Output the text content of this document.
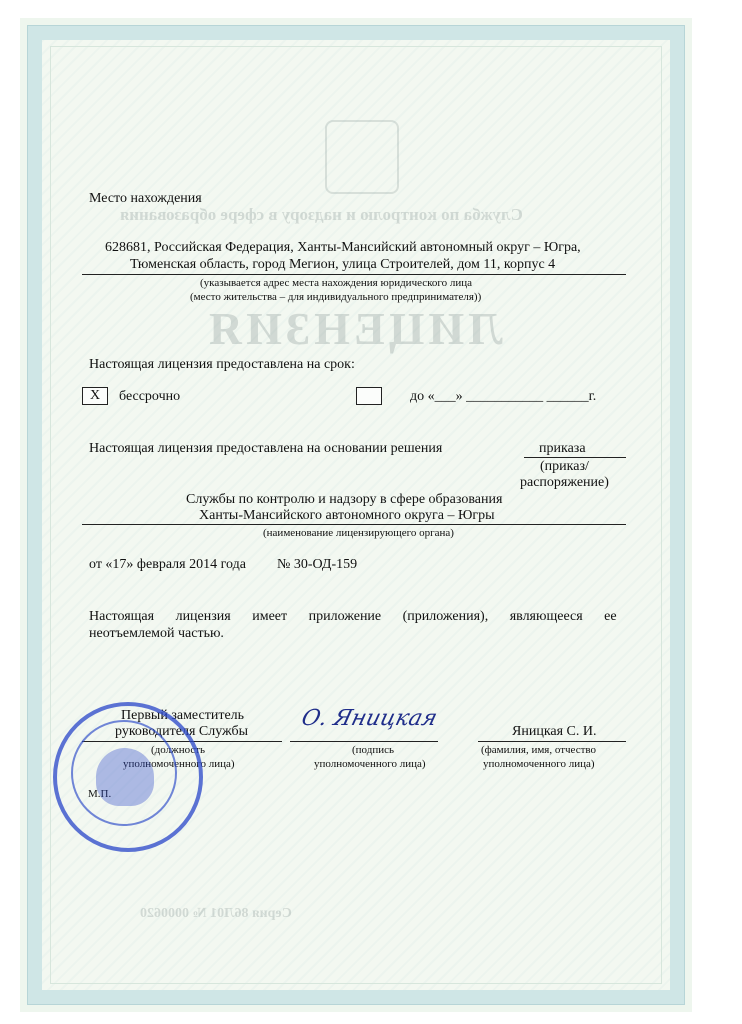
Служба по контролю и надзору в сфере образования
ЛИЦЕНЗИЯ
Место нахождения
628681, Российская Федерация, Ханты-Мансийский автономный округ – Югра,
Тюменская область, город Мегион, улица Строителей, дом 11, корпус 4
(указывается адрес места нахождения юридического лица
(место жительства – для индивидуального предпринимателя))
Настоящая лицензия предоставлена на срок:
Х	бессрочно	до «___» ___________ ______г.
Настоящая лицензия предоставлена на основании решения	приказа
(приказ/
распоряжение)
Службы по контролю и надзору в сфере образования
Ханты-Мансийского автономного округа – Югры
(наименование лицензирующего органа)
от «17» февраля 2014 года № 30-ОД-159
Настоящая лицензия имеет приложение (приложения), являющееся ее
неотъемлемой частью.
Первый заместитель
руководителя Службы
(должность
уполномоченного лица)
О. Яницкая
(подпись
уполномоченного лица)
Яницкая С. И.
(фамилия, имя, отчество
уполномоченного лица)
М.П.
Серия 86Л01 № 0000620
